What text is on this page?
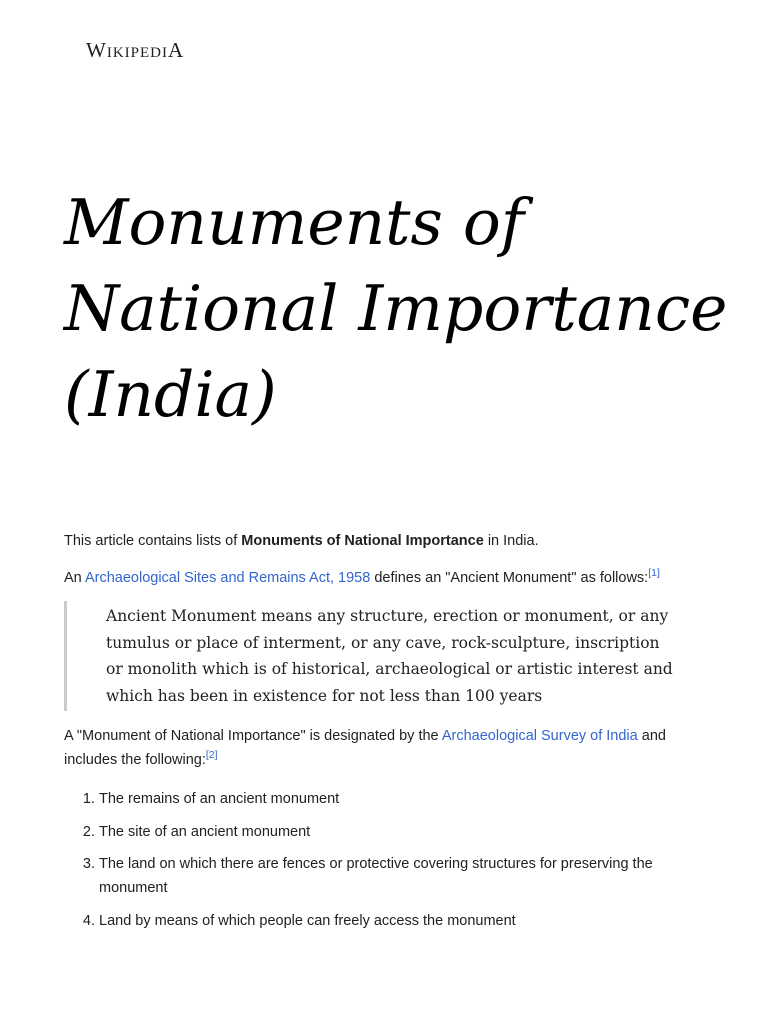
WikipediA
Monuments of National Importance (India)

This article contains lists of Monuments of National Importance in India.

An Archaeological Sites and Remains Act, 1958 defines an "Ancient Monument" as follows:[1]

Ancient Monument means any structure, erection or monument, or any tumulus or place of interment, or any cave, rock-sculpture, inscription or monolith which is of historical, archaeological or artistic interest and which has been in existence for not less than 100 years

A "Monument of National Importance" is designated by the Archaeological Survey of India and includes the following:[2]

1. The remains of an ancient monument
2. The site of an ancient monument
3. The land on which there are fences or protective covering structures for preserving the monument
4. Land by means of which people can freely access the monument
